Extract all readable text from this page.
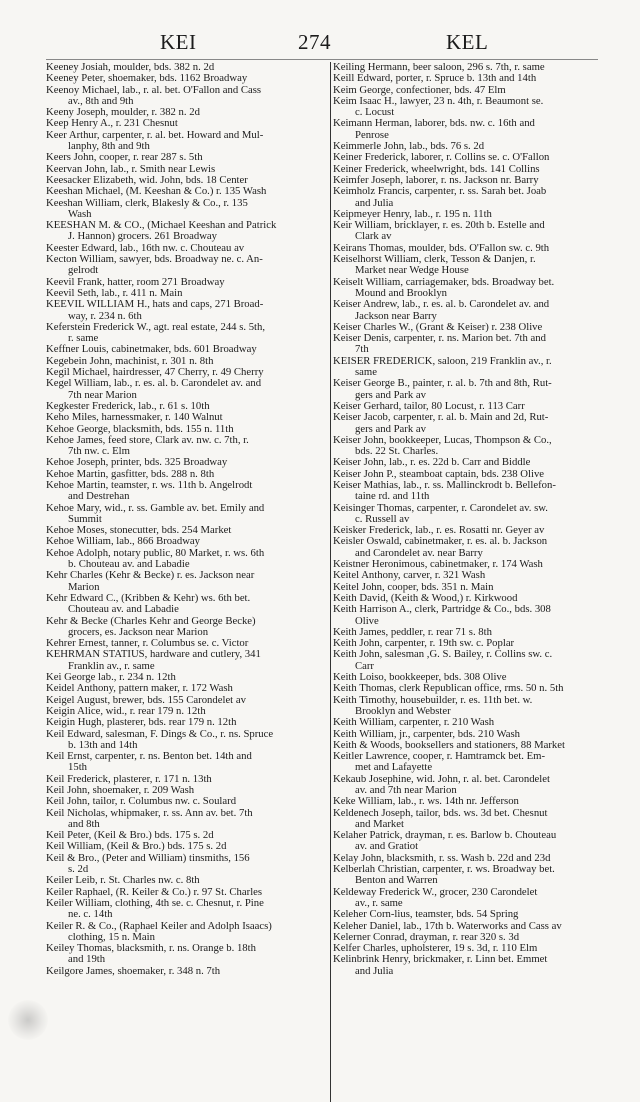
KEI	274	KEL
Keeney Josiah, moulder, bds. 382 n. 2d
Keeney Peter, shoemaker, bds. 1162 Broadway
Keenoy Michael, lab., r. al. bet. O'Fallon and Cass
av., 8th and 9th
Keeny Joseph, moulder, r. 382 n. 2d
Keep Henry A., r. 231 Chesnut
Keer Arthur, carpenter, r. al. bet. Howard and Mul-
lanphy, 8th and 9th
Keers John, cooper, r. rear 287 s. 5th
Keervan John, lab., r. Smith near Lewis
Keesacker Elizabeth, wid. John, bds. 18 Center
Keeshan Michael, (M. Keeshan & Co.) r. 135 Wash
Keeshan William, clerk, Blakesly & Co., r. 135
Wash
KEESHAN M. & CO., (Michael Keeshan and Patrick
J. Hannon) grocers. 261 Broadway
Keester Edward, lab., 16th nw. c. Chouteau av
Kecton William, sawyer, bds. Broadway ne. c. An-
gelrodt
Keevil Frank, hatter, room 271 Broadway
Keevil Seth, lab., r. 411 n. Main
KEEVIL WILLIAM H., hats and caps, 271 Broad-
way, r. 234 n. 6th
Keferstein Frederick W., agt. real estate, 244 s. 5th,
r. same
Keffner Louis, cabinetmaker, bds. 601 Broadway
Kegebein John, machinist, r. 301 n. 8th
Kegil Michael, hairdresser, 47 Cherry, r. 49 Cherry
Kegel William, lab., r. es. al. b. Carondelet av. and
7th near Marion
Kegkester Frederick, lab., r. 61 s. 10th
Keho Miles, harnessmaker, r. 140 Walnut
Kehoe George, blacksmith, bds. 155 n. 11th
Kehoe James, feed store, Clark av. nw. c. 7th, r.
7th nw. c. Elm
Kehoe Joseph, printer, bds. 325 Broadway
Kehoe Martin, gasfitter, bds. 288 n. 8th
Kehoe Martin, teamster, r. ws. 11th b. Angelrodt
and Destrehan
Kehoe Mary, wid., r. ss. Gamble av. bet. Emily and
Summit
Kehoe Moses, stonecutter, bds. 254 Market
Kehoe William, lab., 866 Broadway
Kehoe Adolph, notary public, 80 Market, r. ws. 6th
b. Chouteau av. and Labadie
Kehr Charles (Kehr & Becke) r. es. Jackson near
Marion
Kehr Edward C., (Kribben & Kehr) ws. 6th bet.
Chouteau av. and Labadie
Kehr & Becke (Charles Kehr and George Becke)
grocers, es. Jackson near Marion
Kehrer Ernest, tanner, r. Columbus se. c. Victor
KEHRMAN STATIUS, hardware and cutlery, 341
Franklin av., r. same
Kei George lab., r. 234 n. 12th
Keidel Anthony, pattern maker, r. 172 Wash
Keigel August, brewer, bds. 155 Carondelet av
Keigin Alice, wid., r. rear 179 n. 12th
Keigin Hugh, plasterer, bds. rear 179 n. 12th
Keil Edward, salesman, F. Dings & Co., r. ns. Spruce
b. 13th and 14th
Keil Ernst, carpenter, r. ns. Benton bet. 14th and
15th
Keil Frederick, plasterer, r. 171 n. 13th
Keil John, shoemaker, r. 209 Wash
Keil John, tailor, r. Columbus nw. c. Soulard
Keil Nicholas, whipmaker, r. ss. Ann av. bet. 7th
and 8th
Keil Peter, (Keil & Bro.) bds. 175 s. 2d
Keil William, (Keil & Bro.) bds. 175 s. 2d
Keil & Bro., (Peter and William) tinsmiths, 156
s. 2d
Keiler Leib, r. St. Charles nw. c. 8th
Keiler Raphael, (R. Keiler & Co.) r. 97 St. Charles
Keiler William, clothing, 4th se. c. Chesnut, r. Pine
ne. c. 14th
Keiler R. & Co., (Raphael Keiler and Adolph Isaacs)
clothing, 15 n. Main
Keiley Thomas, blacksmith, r. ns. Orange b. 18th
and 19th
Keilgore James, shoemaker, r. 348 n. 7th
Keiling Hermann, beer saloon, 296 s. 7th, r. same
Keill Edward, porter, r. Spruce b. 13th and 14th
Keim George, confectioner, bds. 47 Elm
Keim Isaac H., lawyer, 23 n. 4th, r. Beaumont se.
c. Locust
Keimann Herman, laborer, bds. nw. c. 16th and
Penrose
Keimmerle John, lab., bds. 76 s. 2d
Keiner Frederick, laborer, r. Collins se. c. O'Fallon
Keiner Frederick, wheelwright, bds. 141 Collins
Keimfer Joseph, laborer, r. ns. Jackson nr. Barry
Keimholz Francis, carpenter, r. ss. Sarah bet. Joab
and Julia
Keipmeyer Henry, lab., r. 195 n. 11th
Keir William, bricklayer, r. es. 20th b. Estelle and
Clark av
Keirans Thomas, moulder, bds. O'Fallon sw. c. 9th
Keiselhorst William, clerk, Tesson & Danjen, r.
Market near Wedge House
Keiselt William, carriagemaker, bds. Broadway bet.
Mound and Brooklyn
Keiser Andrew, lab., r. es. al. b. Carondelet av. and
Jackson near Barry
Keiser Charles W., (Grant & Keiser) r. 238 Olive
Keiser Denis, carpenter, r. ns. Marion bet. 7th and
7th
KEISER FREDERICK, saloon, 219 Franklin av., r.
same
Keiser George B., painter, r. al. b. 7th and 8th, Rut-
gers and Park av
Keiser Gerhard, tailor, 80 Locust, r. 113 Carr
Keiser Jacob, carpenter, r. al. b. Main and 2d, Rut-
gers and Park av
Keiser John, bookkeeper, Lucas, Thompson & Co.,
bds. 22 St. Charles.
Keiser John, lab., r. es. 22d b. Carr and Biddle
Keiser John P., steamboat captain, bds. 238 Olive
Keiser Mathias, lab., r. ss. Mallinckrodt b. Bellefon-
taine rd. and 11th
Keisinger Thomas, carpenter, r. Carondelet av. sw.
c. Russell av
Keisker Frederick, lab., r. es. Rosatti nr. Geyer av
Keisler Oswald, cabinetmaker, r. es. al. b. Jackson
and Carondelet av. near Barry
Keistner Heronimous, cabinetmaker, r. 174 Wash
Keitel Anthony, carver, r. 321 Wash
Keitel John, cooper, bds. 351 n. Main
Keith David, (Keith & Wood,) r. Kirkwood
Keith Harrison A., clerk, Partridge & Co., bds. 308
Olive
Keith James, peddler, r. rear 71 s. 8th
Keith John, carpenter, r. 19th sw. c. Poplar
Keith John, salesman ,G. S. Bailey, r. Collins sw. c.
Carr
Keith Loiso, bookkeeper, bds. 308 Olive
Keith Thomas, clerk Republican office, rms. 50 n. 5th
Keith Timothy, housebuilder, r. es. 11th bet. w.
Brooklyn and Webster
Keith William, carpenter, r. 210 Wash
Keith William, jr., carpenter, bds. 210 Wash
Keith & Woods, booksellers and stationers, 88 Market
Keitler Lawrence, cooper, r. Hamtramck bet. Em-
met and Lafayette
Kekaub Josephine, wid. John, r. al. bet. Carondelet
av. and 7th near Marion
Keke William, lab., r. ws. 14th nr. Jefferson
Keldenech Joseph, tailor, bds. ws. 3d bet. Chesnut
and Market
Kelaher Patrick, drayman, r. es. Barlow b. Chouteau
av. and Gratiot
Kelay John, blacksmith, r. ss. Wash b. 22d and 23d
Kelberlah Christian, carpenter, r. ws. Broadway bet.
Benton and Warren
Keldeway Frederick W., grocer, 230 Carondelet
av., r. same
Keleher Corn-lius, teamster, bds. 54 Spring
Keleher Daniel, lab., 17th b. Waterworks and Cass av
Kelerner Conrad, drayman, r. rear 320 s. 3d
Kelfer Charles, upholsterer, 19 s. 3d, r. 110 Elm
Kelinbrink Henry, brickmaker, r. Linn bet. Emmet
and Julia
